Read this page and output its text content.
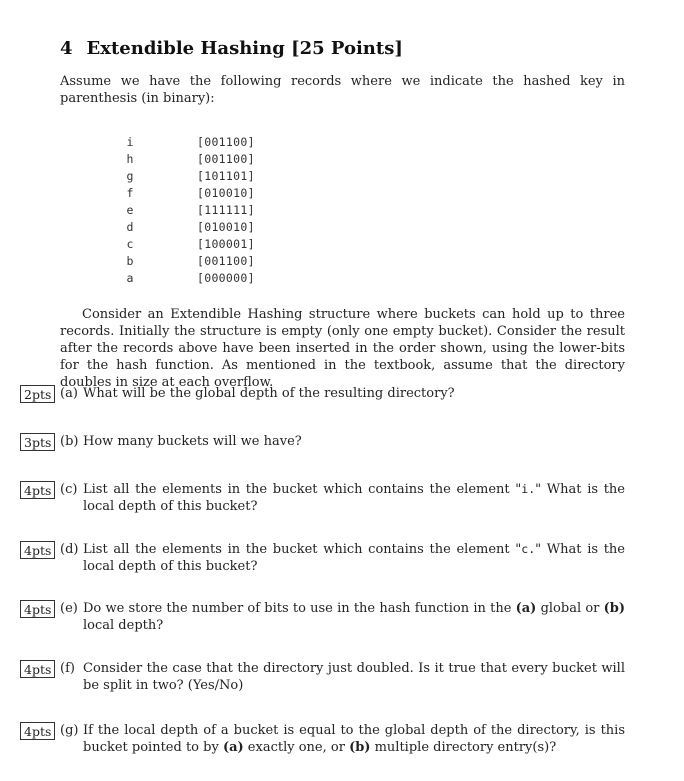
4 Extendible Hashing [25 Points]
Assume we have the following records where we indicate the hashed key in parenthesis (in binary):
i	[001100]
h	[001100]
g	[101101]
f	[010010]
e	[111111]
d	[010010]
c	[100001]
b	[001100]
a	[000000]
Consider an Extendible Hashing structure where buckets can hold up to three records. Initially the structure is empty (only one empty bucket). Consider the result after the records above have been inserted in the order shown, using the lower-bits for the hash function. As mentioned in the textbook, assume that the directory doubles in size at each overflow.
2pts (a) What will be the global depth of the resulting directory?
3pts (b) How many buckets will we have?
4pts (c) List all the elements in the bucket which contains the element "i." What is the local depth of this bucket?
4pts (d) List all the elements in the bucket which contains the element "c." What is the local depth of this bucket?
4pts (e) Do we store the number of bits to use in the hash function in the (a) global or (b) local depth?
4pts (f) Consider the case that the directory just doubled. Is it true that every bucket will be split in two? (Yes/No)
4pts (g) If the local depth of a bucket is equal to the global depth of the directory, is this bucket pointed to by (a) exactly one, or (b) multiple directory entry(s)?
